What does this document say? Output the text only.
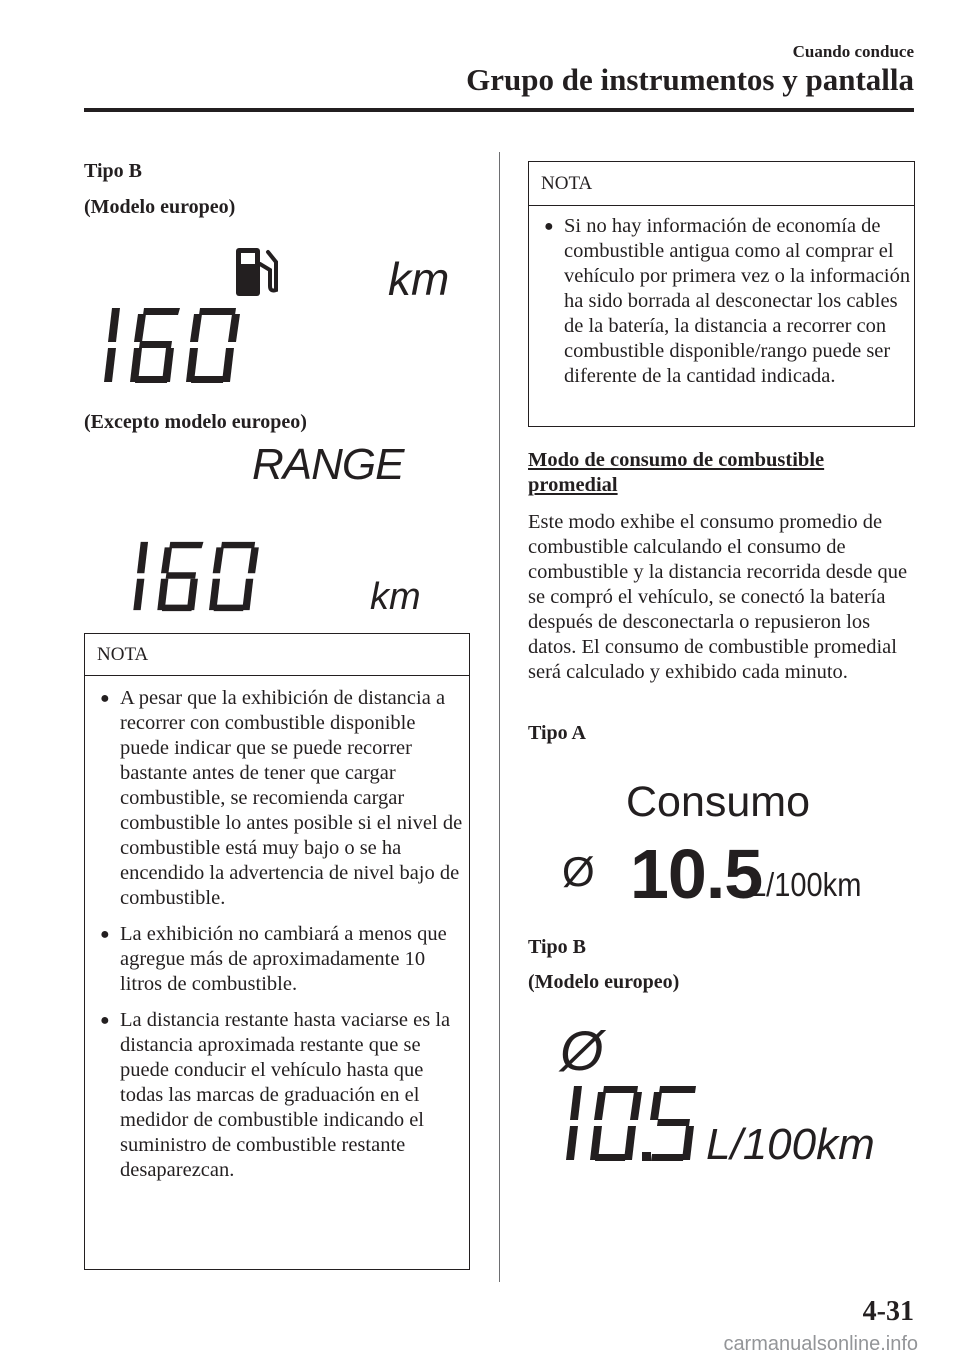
Cuando conduce
Grupo de instrumentos y pantalla
Tipo B
(Modelo europeo)
km
(Excepto modelo europeo)
RANGE
km
NOTA
● A pesar que la exhibición de distancia a recorrer con combustible disponible puede indicar que se puede recorrer bastante antes de tener que cargar combustible, se recomienda cargar combustible lo antes posible si el nivel de combustible está muy bajo o se ha encendido la advertencia de nivel bajo de combustible.
● La exhibición no cambiará a menos que agregue más de aproximadamente 10 litros de combustible.
● La distancia restante hasta vaciarse es la distancia aproximada restante que se puede conducir el vehículo hasta que todas las marcas de graduación en el medidor de combustible indicando el suministro de combustible restante desaparezcan.
NOTA
● Si no hay información de economía de combustible antigua como al comprar el vehículo por primera vez o la información ha sido borrada al desconectar los cables de la batería, la distancia a recorrer con combustible disponible/rango puede ser diferente de la cantidad indicada.
Modo de consumo de combustible promedial
Este modo exhibe el consumo promedio de combustible calculando el consumo de combustible y la distancia recorrida desde que se compró el vehículo, se conectó la batería después de desconectarla o repusieron los datos. El consumo de combustible promedial será calculado y exhibido cada minuto.
Tipo A
Consumo
Ø 10.5
L/100km
Tipo B
(Modelo europeo)
Ø
L/100km
4-31
carmanualsonline.info
